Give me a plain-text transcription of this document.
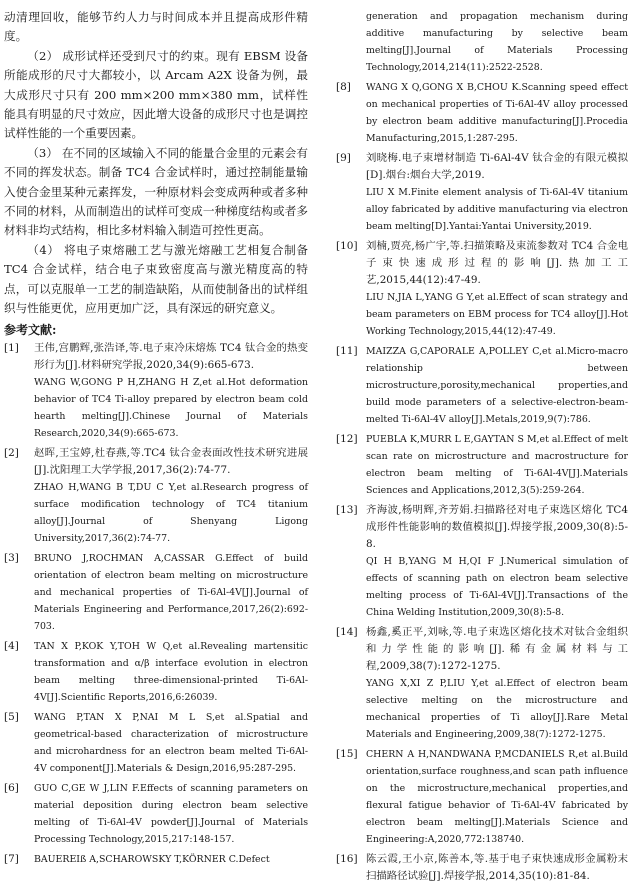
动清理回收，能够节约人力与时间成本并且提高成形件精度。

（2） 成形试样还受到尺寸的约束。现有 EBSM 设备所能成形的尺寸大都较小，以 Arcam A2X 设备为例，最大成形尺寸只有 200 mm×200 mm×380 mm，试样性能具有明显的尺寸效应，因此增大设备的成形尺寸也是调控试样性能的一个重要因素。

（3） 在不同的区域输入不同的能量合金里的元素会有不同的挥发状态。制备 TC4 合金试样时，通过控制能量输入使合金里某种元素挥发，一种原材料会变成两种或者多种不同的材料，从而制造出的试样可变成一种梯度结构或者多材料非均式结构，相比多材料输入制造可控性更高。

（4） 将电子束熔融工艺与激光熔融工艺相复合制备 TC4 合金试样，结合电子束致密度高与激光精度高的特点，可以克服单一工艺的制造缺陷，从而使制备出的试样组织与性能更优，应用更加广泛，具有深远的研究意义。

参考文献:
[1]	王伟,宫鹏辉,张浩译,等.电子束冷床熔炼 TC4 钛合金的热变形行为[J].材料研究学报,2020,34(9):665-673.
WANG W,GONG P H,ZHANG H Z,et al.Hot deformation behavior of TC4 Ti-alloy prepared by electron beam cold hearth melting[J].Chinese Journal of Materials Research,2020,34(9):665-673.
[2]	赵晖,王宝婷,杜春燕,等.TC4 钛合金表面改性技术研究进展[J].沈阳理工大学学报,2017,36(2):74-77.
ZHAO H,WANG B T,DU C Y,et al.Research progress of surface modification technology of TC4 titanium alloy[J].Journal of Shenyang Ligong University,2017,36(2):74-77.
[3]	BRUNO J,ROCHMAN A,CASSAR G.Effect of build orientation of electron beam melting on microstructure and mechanical properties of Ti-6Al-4V[J].Journal of Materials Engineering and Performance,2017,26(2):692-703.
[4]	TAN X P,KOK Y,TOH W Q,et al.Revealing martensitic transformation and α/β interface evolution in electron beam melting three-dimensional-printed Ti-6Al-4V[J].Scientific Reports,2016,6:26039.
[5]	WANG P,TAN X P,NAI M L S,et al.Spatial and geometrical-based characterization of microstructure and microhardness for an electron beam melted Ti-6Al-4V component[J].Materials & Design,2016,95:287-295.
[6]	GUO C,GE W J,LIN F.Effects of scanning parameters on material deposition during electron beam selective melting of Ti-6Al-4V powder[J].Journal of Materials Processing Technology,2015,217:148-157.
[7]	BAUEREIß A,SCHAROWSKY T,KÖRNER C.Defect

generation and propagation mechanism during additive manufacturing by selective beam melting[J].Journal of Materials Processing Technology,2014,214(11):2522-2528.

[8]	WANG X Q,GONG X B,CHOU K.Scanning speed effect on mechanical properties of Ti-6Al-4V alloy processed by electron beam additive manufacturing[J].Procedia Manufacturing,2015,1:287-295.
[9]	刘晓梅.电子束增材制造 Ti-6Al-4V 钛合金的有限元模拟[D].烟台:烟台大学,2019.
LIU X M.Finite element analysis of Ti-6Al-4V titanium alloy fabricated by additive manufacturing via electron beam melting[D].Yantai:Yantai University,2019.
[10] 刘楠,贾亮,杨广宇,等.扫描策略及束流参数对 TC4 合金电子束快速成形过程的影响[J].热加工工艺,2015,44(12):47-49.
LIU N,JIA L,YANG G Y,et al.Effect of scan strategy and beam parameters on EBM process for TC4 alloy[J].Hot Working Technology,2015,44(12):47-49.
[11] MAIZZA G,CAPORALE A,POLLEY C,et al.Micro-macro relationship between microstructure,porosity,mechanical properties,and build mode parameters of a selective-electron-beam-melted Ti-6Al-4V alloy[J].Metals,2019,9(7):786.
[12] PUEBLA K,MURR L E,GAYTAN S M,et al.Effect of melt scan rate on microstructure and macrostructure for electron beam melting of Ti-6Al-4V[J].Materials Sciences and Applications,2012,3(5):259-264.
[13] 齐海波,杨明辉,齐芳娟.扫描路径对电子束选区熔化 TC4 成形件性能影响的数值模拟[J].焊接学报,2009,30(8):5-8.
QI H B,YANG M H,QI F J.Numerical simulation of effects of scanning path on electron beam selective melting process of Ti-6Al-4V[J].Transactions of the China Welding Institution,2009,30(8):5-8.
[14] 杨鑫,奚正平,刘咏,等.电子束选区熔化技术对钛合金组织和力学性能的影响[J].稀有金属材料与工程,2009,38(7):1272-1275.
YANG X,XI Z P,LIU Y,et al.Effect of electron beam selective melting on the microstructure and mechanical properties of Ti alloy[J].Rare Metal Materials and Engineering,2009,38(7):1272-1275.
[15] CHERN A H,NANDWANA P,MCDANIELS R,et al.Build orientation,surface roughness,and scan path influence on the microstructure,mechanical properties,and flexural fatigue behavior of Ti-6Al-4V fabricated by electron beam melting[J].Materials Science and Engineering:A,2020,772:138740.
[16] 陈云霞,王小京,陈善本,等.基于电子束快速成形金属粉末扫描路径试验[J].焊接学报,2014,35(10):81-84.
